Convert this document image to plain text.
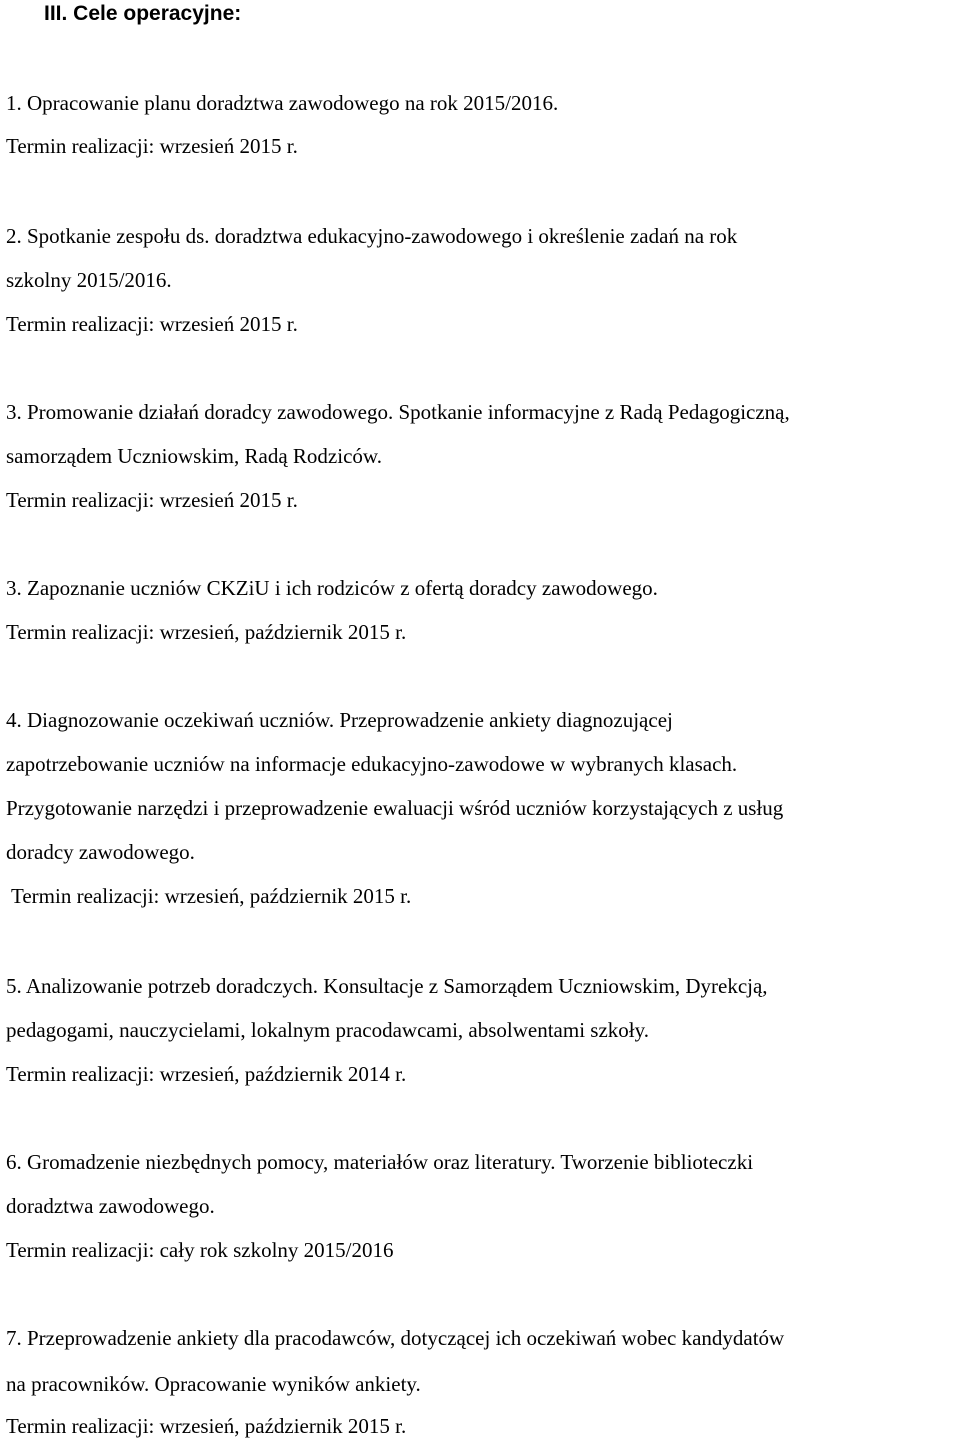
III. Cele operacyjne:
1. Opracowanie planu doradztwa zawodowego na rok 2015/2016.
Termin realizacji: wrzesień 2015 r.
2. Spotkanie zespołu ds. doradztwa edukacyjno-zawodowego i określenie zadań na rok
szkolny 2015/2016.
Termin realizacji: wrzesień 2015 r.
3. Promowanie działań doradcy zawodowego. Spotkanie informacyjne z Radą Pedagogiczną,
samorządem Uczniowskim, Radą Rodziców.
Termin realizacji: wrzesień 2015 r.
3. Zapoznanie uczniów CKZiU i ich rodziców z ofertą doradcy zawodowego.
Termin realizacji: wrzesień, październik 2015 r.
4. Diagnozowanie oczekiwań uczniów. Przeprowadzenie ankiety diagnozującej
zapotrzebowanie uczniów na informacje edukacyjno-zawodowe w wybranych klasach.
Przygotowanie narzędzi i przeprowadzenie ewaluacji wśród uczniów korzystających z usług
doradcy zawodowego.
Termin realizacji: wrzesień, październik 2015 r.
5. Analizowanie potrzeb doradczych. Konsultacje z Samorządem Uczniowskim, Dyrekcją,
pedagogami, nauczycielami, lokalnym pracodawcami, absolwentami szkoły.
Termin realizacji: wrzesień, październik 2014 r.
6. Gromadzenie niezbędnych pomocy, materiałów oraz literatury. Tworzenie biblioteczki
doradztwa zawodowego.
Termin realizacji: cały rok szkolny 2015/2016
7. Przeprowadzenie ankiety dla pracodawców, dotyczącej ich oczekiwań wobec kandydatów
na pracowników. Opracowanie wyników ankiety.
Termin realizacji: wrzesień, październik 2015 r.
